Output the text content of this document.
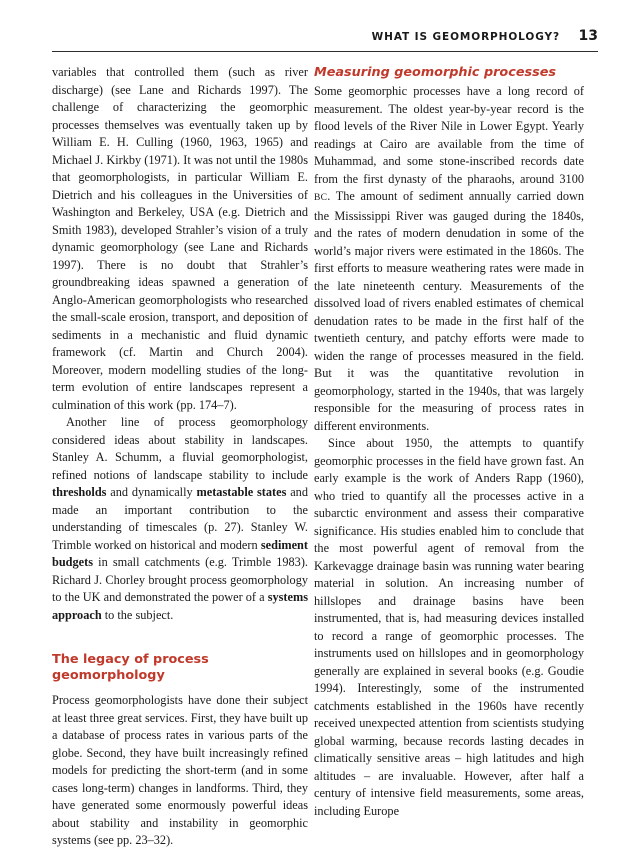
WHAT IS GEOMORPHOLOGY? 13

variables that controlled them (such as river discharge) (see Lane and Richards 1997). The challenge of characterizing the geomorphic processes themselves was eventually taken up by William E. H. Culling (1960, 1963, 1965) and Michael J. Kirkby (1971). It was not until the 1980s that geomorphologists, in particular William E. Dietrich and his colleagues in the Universities of Washington and Berkeley, USA (e.g. Dietrich and Smith 1983), developed Strahler’s vision of a truly dynamic geomorphology (see Lane and Richards 1997). There is no doubt that Strahler’s groundbreaking ideas spawned a generation of Anglo-American geomorphologists who researched the small-scale erosion, transport, and deposition of sediments in a mechanistic and fluid dynamic framework (cf. Martin and Church 2004). Moreover, modern modelling studies of the long-term evolution of entire landscapes represent a culmination of this work (pp. 174–7).

Another line of process geomorphology considered ideas about stability in landscapes. Stanley A. Schumm, a fluvial geomorphologist, refined notions of landscape stability to include thresholds and dynamically metastable states and made an important contribution to the understanding of timescales (p. 27). Stanley W. Trimble worked on historical and modern sediment budgets in small catchments (e.g. Trimble 1983). Richard J. Chorley brought process geomorphology to the UK and demonstrated the power of a systems approach to the subject.

The legacy of process geomorphology

Process geomorphologists have done their subject at least three great services. First, they have built up a database of process rates in various parts of the globe. Second, they have built increasingly refined models for predicting the short-term (and in some cases long-term) changes in landforms. Third, they have generated some enormously powerful ideas about stability and instability in geomorphic systems (see pp. 23–32).

Measuring geomorphic processes

Some geomorphic processes have a long record of measurement. The oldest year-by-year record is the flood levels of the River Nile in Lower Egypt. Yearly readings at Cairo are available from the time of Muhammad, and some stone-inscribed records date from the first dynasty of the pharaohs, around 3100 BC. The amount of sediment annually carried down the Mississippi River was gauged during the 1840s, and the rates of modern denudation in some of the world’s major rivers were estimated in the 1860s. The first efforts to measure weathering rates were made in the late nineteenth century. Measurements of the dissolved load of rivers enabled estimates of chemical denudation rates to be made in the first half of the twentieth century, and patchy efforts were made to widen the range of processes measured in the field. But it was the quantitative revolution in geomorphology, started in the 1940s, that was largely responsible for the measuring of process rates in different environments.

Since about 1950, the attempts to quantify geomorphic processes in the field have grown fast. An early example is the work of Anders Rapp (1960), who tried to quantify all the processes active in a subarctic environment and assess their comparative significance. His studies enabled him to conclude that the most powerful agent of removal from the Karkevagge drainage basin was running water bearing material in solution. An increasing number of hillslopes and drainage basins have been instrumented, that is, had measuring devices installed to record a range of geomorphic processes. The instruments used on hillslopes and in geomorphology generally are explained in several books (e.g. Goudie 1994). Interestingly, some of the instrumented catchments established in the 1960s have recently received unexpected attention from scientists studying global warming, because records lasting decades in climatically sensitive areas – high latitudes and high altitudes – are invaluable. However, after half a century of intensive field measurements, some areas, including Europe
